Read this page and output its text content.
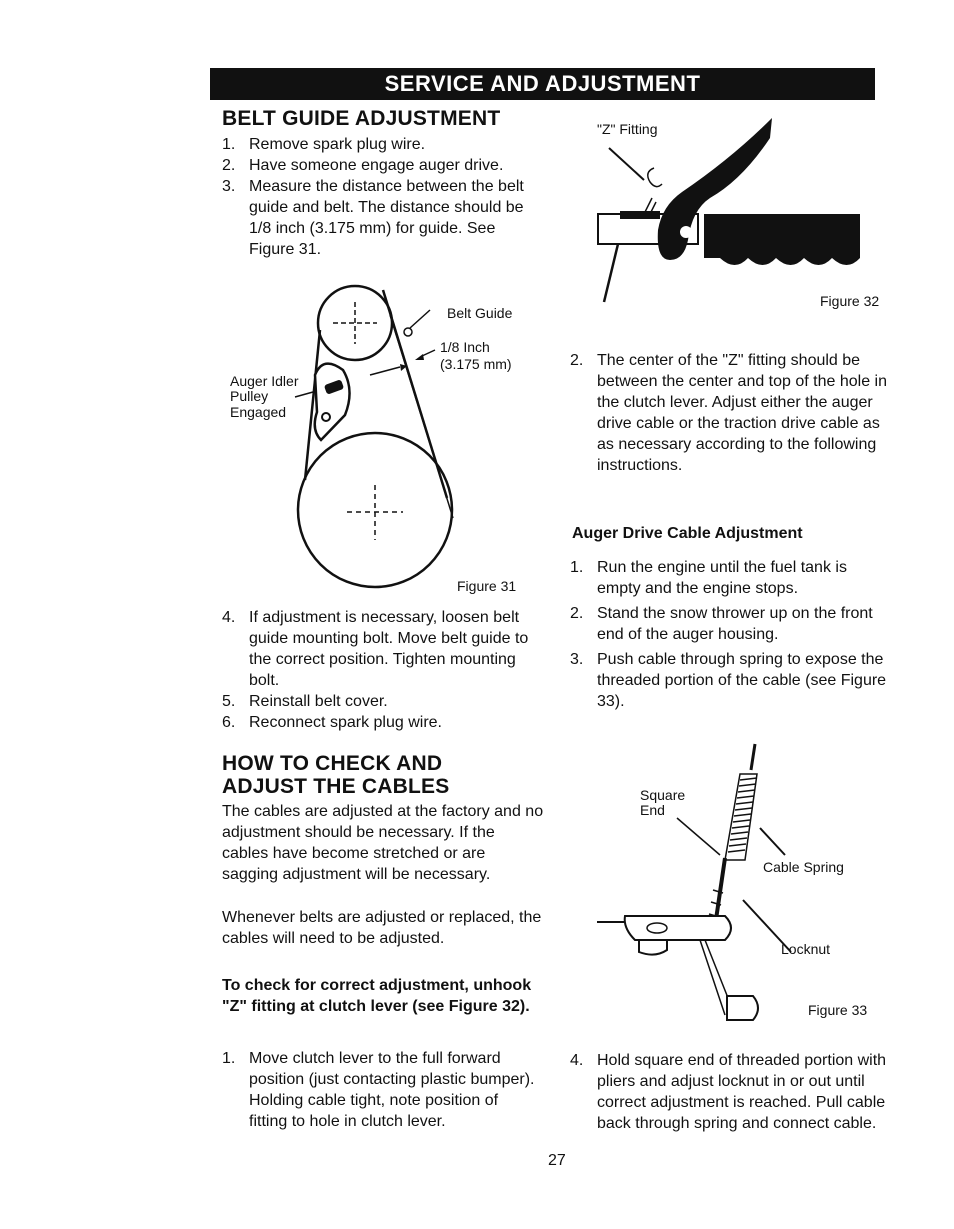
SERVICE AND ADJUSTMENT
BELT GUIDE ADJUSTMENT
1. Remove spark plug wire.
2. Have someone engage auger drive.
3. Measure the distance between the belt guide and belt. The distance should be 1/8 inch (3.175 mm) for guide. See Figure 31.
Belt Guide
1/8 Inch
(3.175 mm)
Auger Idler
Pulley
Engaged
Figure 31
4. If adjustment is necessary, loosen belt guide mounting bolt. Move belt guide to the correct position. Tighten mounting bolt.
5. Reinstall belt cover.
6. Reconnect spark plug wire.
HOW TO CHECK AND
ADJUST THE CABLES

The cables are adjusted at the factory and no adjustment should be necessary. If the cables have become stretched or are sagging adjustment will be necessary.

Whenever belts are adjusted or replaced, the cables will need to be adjusted.

To check for correct adjustment, unhook "Z" fitting at clutch lever (see Figure 32).

1. Move clutch lever to the full forward position (just contacting plastic bumper). Holding cable tight, note position of fitting to hole in clutch lever.
27
"Z" Fitting
Figure 32
2. The center of the "Z" fitting should be between the center and top of the hole in the clutch lever. Adjust either the auger drive cable or the traction drive cable as as necessary according to the following instructions.
Auger Drive Cable Adjustment
1. Run the engine until the fuel tank is empty and the engine stops.
2. Stand the snow thrower up on the front end of the auger housing.
3. Push cable through spring to expose the threaded portion of the cable (see Figure 33).
Square
End
Cable Spring
Locknut
Figure 33
4. Hold square end of threaded portion with pliers and adjust locknut in or out until correct adjustment is reached. Pull cable back through spring and connect cable.
